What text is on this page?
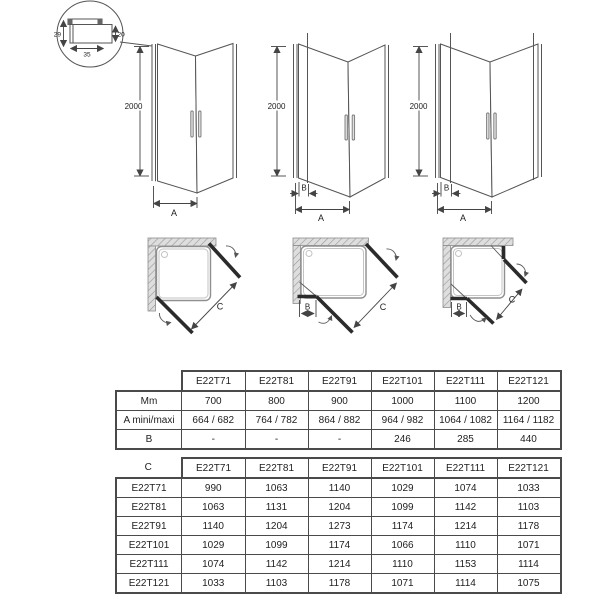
29	20
35
2000
A
2000
B
A
2000
B
A
C	B	C	B
C
	E22T71	E22T81	E22T91	E22T101	E22T111	E22T121
Mm	700	800	900	1000	1100	1200
A mini/maxi	664 / 682	764 / 782	864 / 882	964 / 982	1064 / 1082	1164 / 1182
B	-	-	-	246	285	440
C	E22T71	E22T81	E22T91	E22T101	E22T111	E22T121
E22T71	990	1063	1140	1029	1074	1033
E22T81	1063	1131	1204	1099	1142	1103
E22T91	1140	1204	1273	1174	1214	1178
E22T101	1029	1099	1174	1066	1110	1071
E22T111	1074	1142	1214	1110	1153	1114
E22T121	1033	1103	1178	1071	1114	1075
